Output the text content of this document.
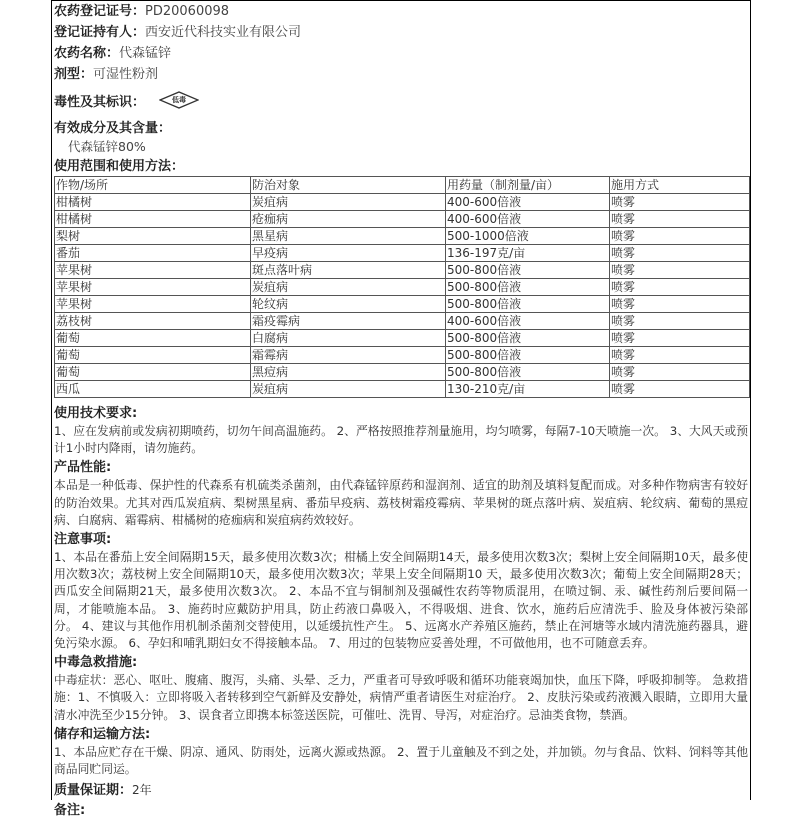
农药登记证号：PD20060098
登记证持有人：西安近代科技实业有限公司
农药名称：代森锰锌
剂型：可湿性粉剂
毒性及其标识：	低毒
有效成分及其含量：
代森锰锌80%
使用范围和使用方法：
作物/场所	防治对象	用药量（制剂量/亩）	施用方式
柑橘树	炭疽病	400-600倍液	喷雾
柑橘树	疮痂病	400-600倍液	喷雾
梨树	黑星病	500-1000倍液	喷雾
番茄	早疫病	136-197克/亩	喷雾
苹果树	斑点落叶病	500-800倍液	喷雾
苹果树	炭疽病	500-800倍液	喷雾
苹果树	轮纹病	500-800倍液	喷雾
荔枝树	霜疫霉病	400-600倍液	喷雾
葡萄	白腐病	500-800倍液	喷雾
葡萄	霜霉病	500-800倍液	喷雾
葡萄	黑痘病	500-800倍液	喷雾
西瓜	炭疽病	130-210克/亩	喷雾
使用技术要求:
1、应在发病前或发病初期喷药，切勿午间高温施药。 2、严格按照推荐剂量施用，均匀喷雾，每隔7-10天喷施一次。 3、大风天或预计1小时内降雨，请勿施药。
产品性能:
本品是一种低毒、保护性的代森系有机硫类杀菌剂，由代森锰锌原药和湿润剂、适宜的助剂及填料复配而成。对多种作物病害有较好的防治效果。尤其对西瓜炭疽病、梨树黑星病、番茄早疫病、荔枝树霜疫霉病、苹果树的斑点落叶病、炭疽病、轮纹病、葡萄的黑痘病、白腐病、霜霉病、柑橘树的疮痂病和炭疽病药效较好。
注意事项:
1、本品在番茄上安全间隔期15天，最多使用次数3次；柑橘上安全间隔期14天，最多使用次数3次；梨树上安全间隔期10天，最多使用次数3次；荔枝树上安全间隔期10天，最多使用次数3次；苹果上安全间隔期10 天，最多使用次数3次；葡萄上安全间隔期28天；西瓜安全间隔期21天，最多使用次数3次。 2、本品不宜与铜制剂及强碱性农药等物质混用，在喷过铜、汞、碱性药剂后要间隔一周，才能喷施本品。 3、施药时应戴防护用具，防止药液口鼻吸入，不得吸烟、进食、饮水，施药后应清洗手、脸及身体被污染部分。 4、建议与其他作用机制杀菌剂交替使用，以延缓抗性产生。 5、远离水产养殖区施药，禁止在河塘等水域内清洗施药器具，避免污染水源。 6、孕妇和哺乳期妇女不得接触本品。 7、用过的包装物应妥善处理，不可做他用，也不可随意丢弃。
中毒急救措施:
中毒症状：恶心、呕吐、腹痛、腹泻，头痛、头晕、乏力，严重者可导致呼吸和循环功能衰竭加快，血压下降，呼吸抑制等。 急救措施：1、不慎吸入：立即将吸入者转移到空气新鲜及安静处，病情严重者请医生对症治疗。 2、皮肤污染或药液溅入眼睛，立即用大量清水冲洗至少15分钟。 3、误食者立即携本标签送医院，可催吐、洗胃、导泻，对症治疗。忌油类食物，禁酒。
储存和运输方法:
1、本品应贮存在干燥、阴凉、通风、防雨处，远离火源或热源。 2、置于儿童触及不到之处，并加锁。勿与食品、饮料、饲料等其他商品同贮同运。
质量保证期：2年
备注:
